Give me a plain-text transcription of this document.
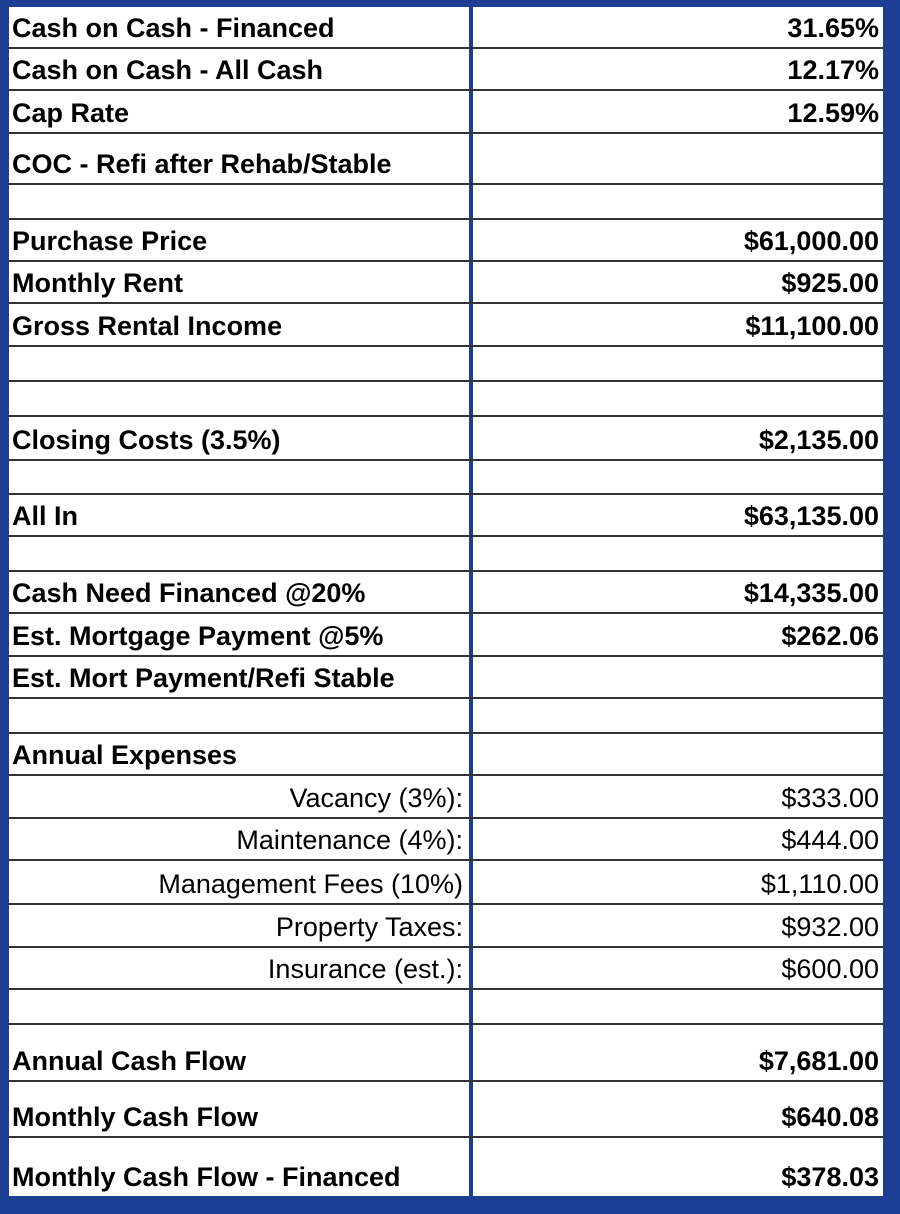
Cash on Cash - Financed	31.65%
Cash on Cash - All Cash	12.17%
Cap Rate	12.59%
COC - Refi after Rehab/Stable
Purchase Price	$61,000.00
Monthly Rent	$925.00
Gross Rental Income	$11,100.00
Closing Costs (3.5%)	$2,135.00
All In	$63,135.00
Cash Need Financed @20%	$14,335.00
Est. Mortgage Payment @5%	$262.06
Est. Mort Payment/Refi Stable
Annual Expenses
Vacancy (3%):	$333.00
Maintenance (4%):	$444.00
Management Fees (10%)	$1,110.00
Property Taxes:	$932.00
Insurance (est.):	$600.00
Annual Cash Flow	$7,681.00
Monthly Cash Flow	$640.08
Monthly Cash Flow - Financed	$378.03
